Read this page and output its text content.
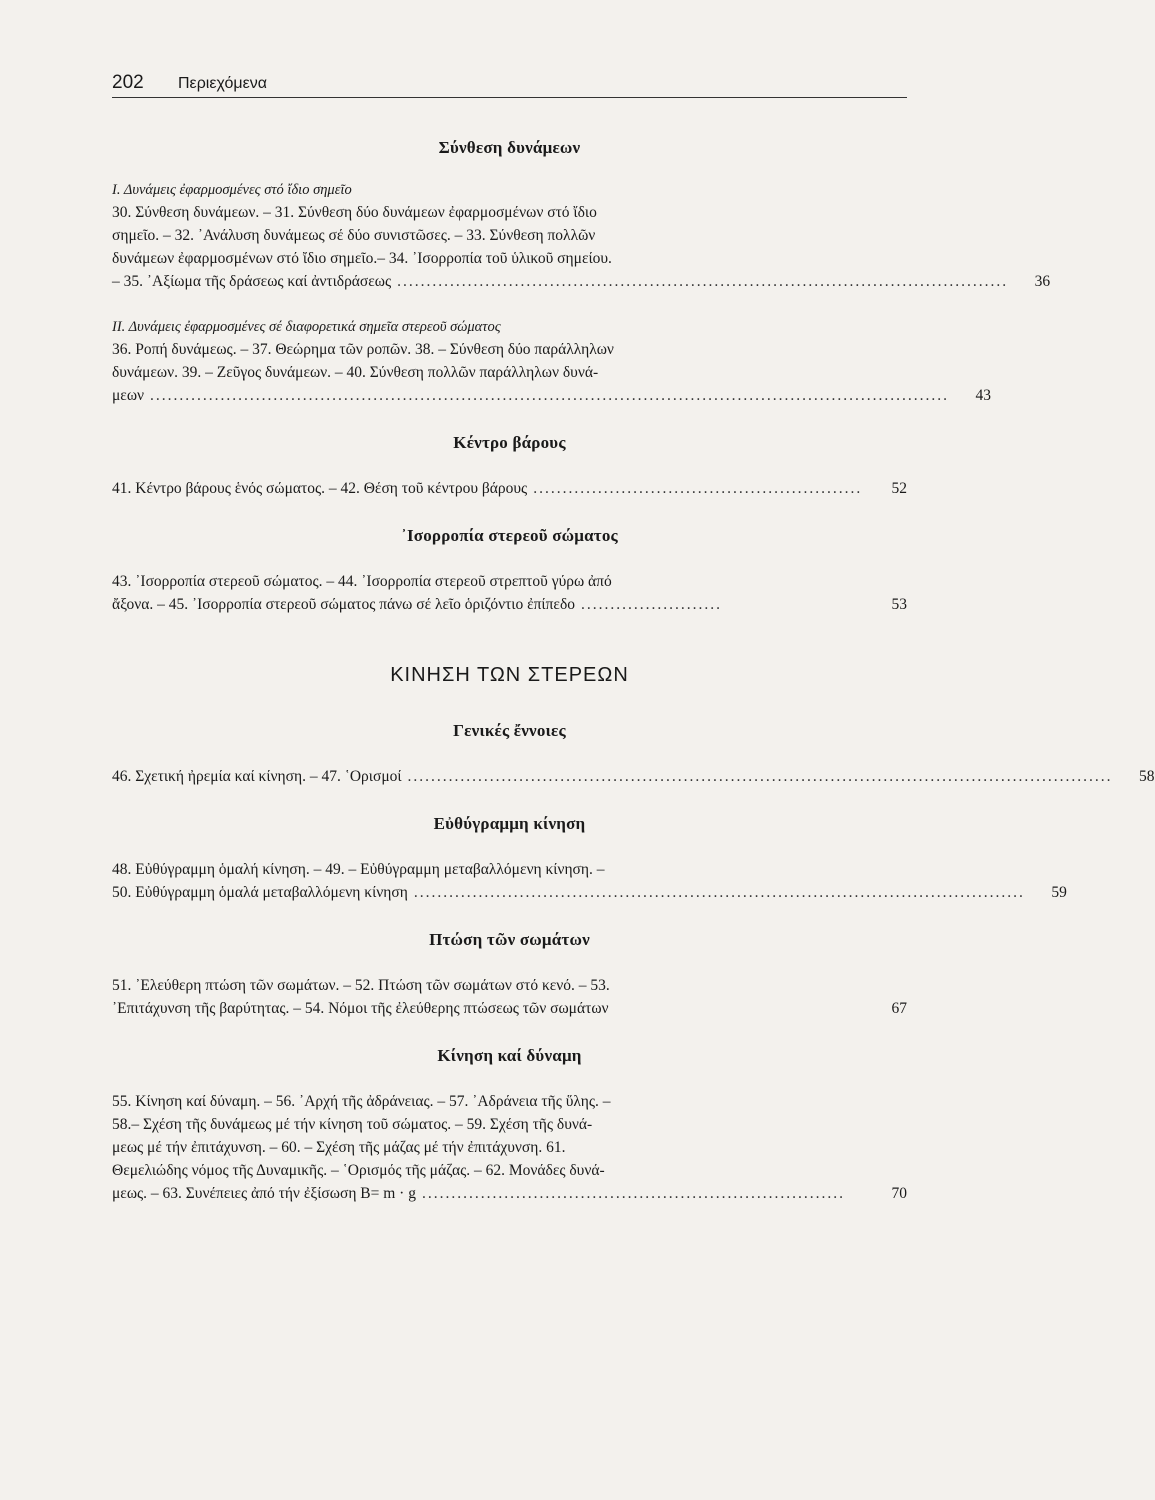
202 Περιεχόμενα
Σύνθεση δυνάμεων
Ι. Δυνάμεις ἐφαρμοσμένες στό ἴδιο σημεῖο
30. Σύνθεση δυνάμεων. – 31. Σύνθεση δύο δυνάμεων ἐφαρμοσμένων στό ἴδιο
σημεῖο. – 32. ᾿Ανάλυση δυνάμεως σέ δύο συνιστῶσες. – 33. Σύνθεση πολλῶν
δυνάμεων ἐφαρμοσμένων στό ἴδιο σημεῖο.– 34. ᾿Ισορροπία τοῦ ὑλικοῦ σημείου.
– 35. ᾿Αξίωμα τῆς δράσεως καί ἀντιδράσεως ........................................................................................................	36
ΙΙ. Δυνάμεις ἐφαρμοσμένες σέ διαφορετικά σημεῖα στερεοῦ σώματος
36. Ροπή δυνάμεως. – 37. Θεώρημα τῶν ροπῶν. 38. – Σύνθεση δύο παράλληλων
δυνάμεων. 39. – Ζεῦγος δυνάμεων. – 40. Σύνθεση πολλῶν παράλληλων δυνά-
μεων ........................................................................................................................................	43
Κέντρο βάρους
41. Κέντρο βάρους ἑνός σώματος. – 42. Θέση τοῦ κέντρου βάρους ........................................................	52
᾿Ισορροπία στερεοῦ σώματος
43. ᾿Ισορροπία στερεοῦ σώματος. – 44. ᾿Ισορροπία στερεοῦ στρεπτοῦ γύρω ἀπό
ἄξονα. – 45. ᾿Ισορροπία στερεοῦ σώματος πάνω σέ λεῖο ὁριζόντιο ἐπίπεδο ........................	53
ΚΙΝΗΣΗ ΤΩΝ ΣΤΕΡΕΩΝ
Γενικές ἔννοιες
46. Σχετική ἠρεμία καί κίνηση. – 47. ῾Ορισμοί ........................................................................................................................	58
Εὐθύγραμμη κίνηση
48. Εὐθύγραμμη ὁμαλή κίνηση. – 49. – Εὐθύγραμμη μεταβαλλόμενη κίνηση. –
50. Εὐθύγραμμη ὁμαλά μεταβαλλόμενη κίνηση ........................................................................................................	59
Πτώση τῶν σωμάτων
51. ᾿Ελεύθερη πτώση τῶν σωμάτων. – 52. Πτώση τῶν σωμάτων στό κενό. – 53.
᾿Επιτάχυνση τῆς βαρύτητας. – 54. Νόμοι τῆς ἐλεύθερης πτώσεως τῶν σωμάτων	67
Κίνηση καί δύναμη
55. Κίνηση καί δύναμη. – 56. ᾿Αρχή τῆς ἀδράνειας. – 57. ᾿Αδράνεια τῆς ὕλης. –
58.– Σχέση τῆς δυνάμεως μέ τήν κίνηση τοῦ σώματος. – 59. Σχέση τῆς δυνά-
μεως μέ τήν ἐπιτάχυνση. – 60. – Σχέση τῆς μάζας μέ τήν ἐπιτάχυνση. 61.
Θεμελιώδης νόμος τῆς Δυναμικῆς. – ῾Ορισμός τῆς μάζας. – 62. Μονάδες δυνά-
μεως. – 63. Συνέπειες ἀπό τήν ἐξίσωση B= m · g ........................................................................	70
